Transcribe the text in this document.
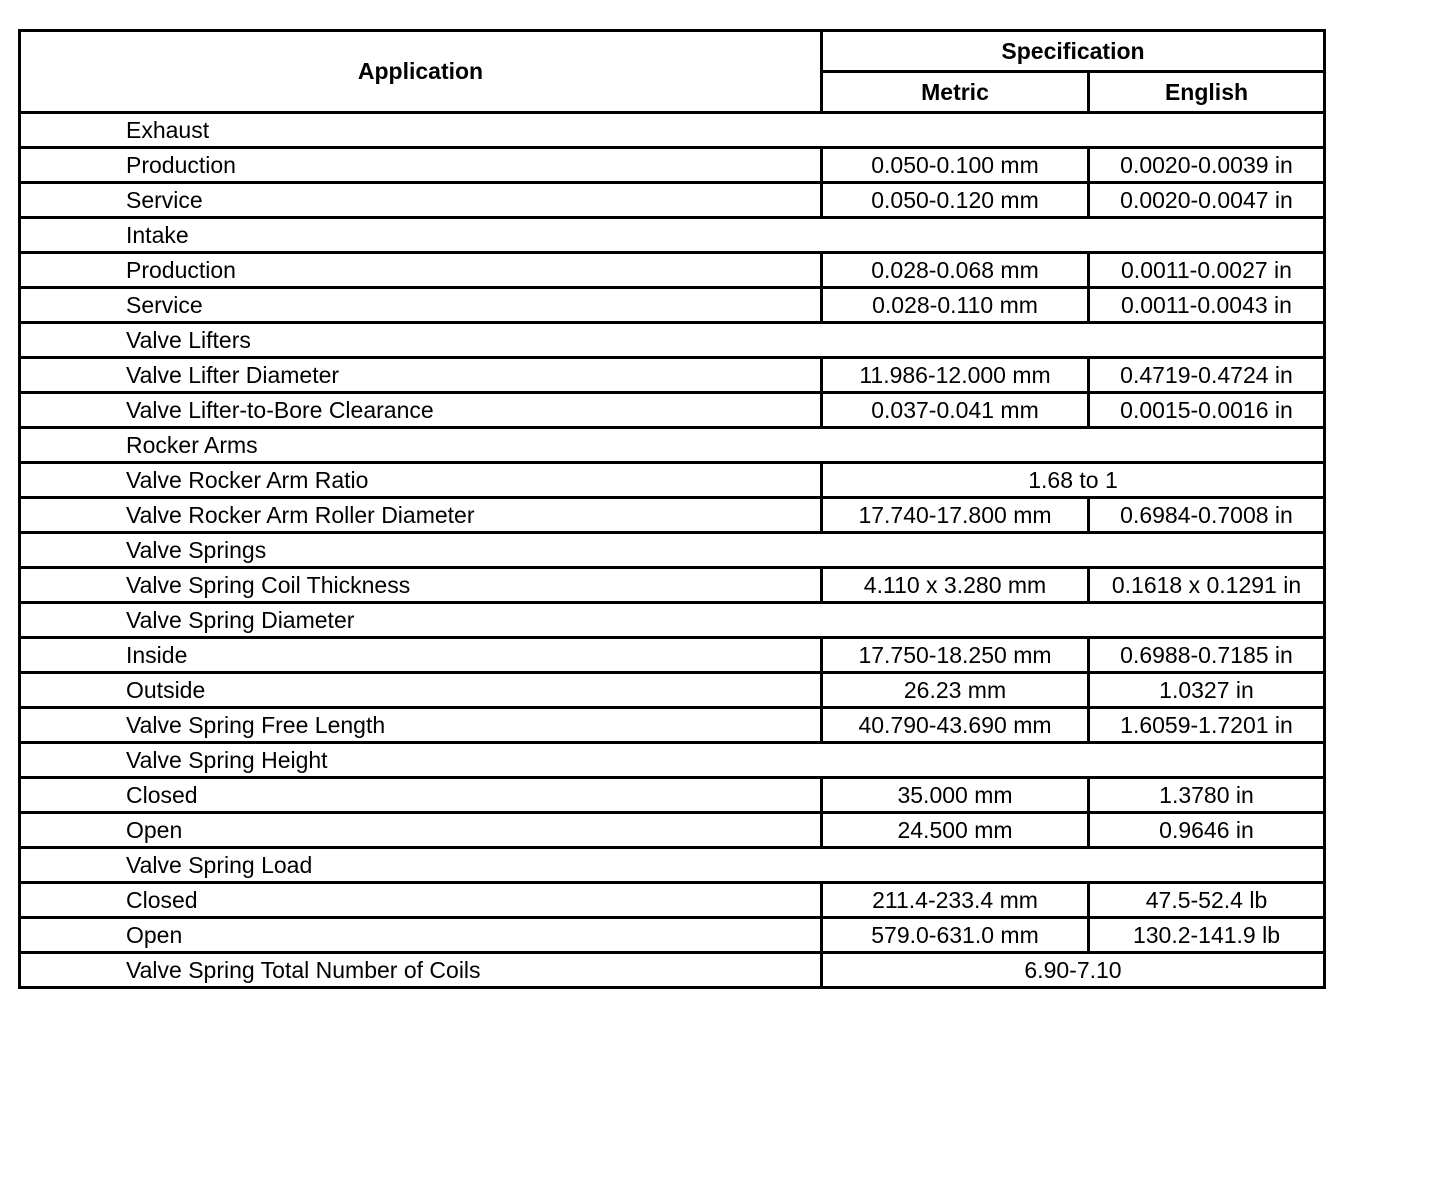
Application	Specification	
	Metric	English
Exhaust		
Production	0.050-0.100 mm	0.0020-0.0039 in
Service	0.050-0.120 mm	0.0020-0.0047 in
Intake		
Production	0.028-0.068 mm	0.0011-0.0027 in
Service	0.028-0.110 mm	0.0011-0.0043 in
Valve Lifters		
Valve Lifter Diameter	11.986-12.000 mm	0.4719-0.4724 in
Valve Lifter-to-Bore Clearance	0.037-0.041 mm	0.0015-0.0016 in
Rocker Arms		
Valve Rocker Arm Ratio	1.68 to 1	
Valve Rocker Arm Roller Diameter	17.740-17.800 mm	0.6984-0.7008 in
Valve Springs		
Valve Spring Coil Thickness	4.110 x 3.280 mm	0.1618 x 0.1291 in
Valve Spring Diameter		
Inside	17.750-18.250 mm	0.6988-0.7185 in
Outside	26.23 mm	1.0327 in
Valve Spring Free Length	40.790-43.690 mm	1.6059-1.7201 in
Valve Spring Height		
Closed	35.000 mm	1.3780 in
Open	24.500 mm	0.9646 in
Valve Spring Load		
Closed	211.4-233.4 mm	47.5-52.4 lb
Open	579.0-631.0 mm	130.2-141.9 lb
Valve Spring Total Number of Coils	6.90-7.10	
